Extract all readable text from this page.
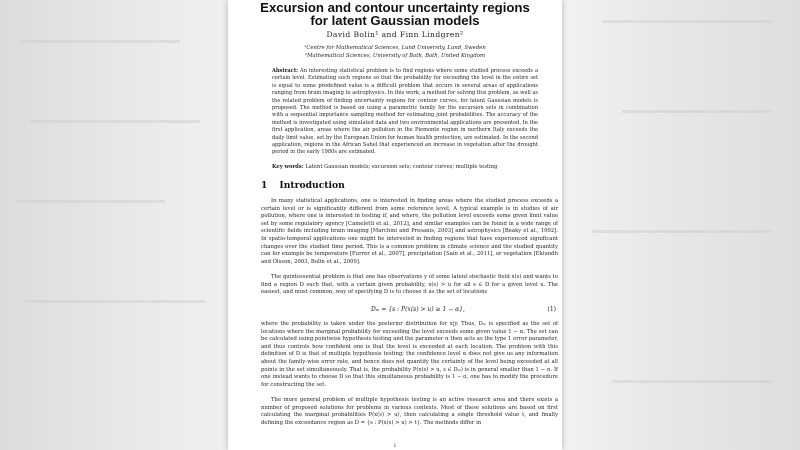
Excursion and contour uncertainty regions
for latent Gaussian models
David Bolin¹ and Finn Lindgren²
¹Centre for Mathematical Sciences, Lund University, Lund, Sweden
²Mathematical Sciences, University of Bath, Bath, United Kingdom
Abstract: An interesting statistical problem is to find regions where some studied process exceeds a certain level. Estimating such regions so that the probability for exceeding the level in the entire set is equal to some predefined value is a difficult problem that occurs in several areas of applications ranging from brain imaging to astrophysics. In this work, a method for solving this problem, as well as the related problem of finding uncertainty regions for contour curves, for latent Gaussian models is proposed. The method is based on using a parametric family for the excursion sets in combination with a sequential importance sampling method for estimating joint probabilities. The accuracy of the method is investigated using simulated data and two environmental applications are presented. In the first application, areas where the air pollution in the Piemonte region in northern Italy exceeds the daily limit value, set by the European Union for human health protection, are estimated. In the second application, regions in the African Sahel that experienced an increase in vegetation after the drought period in the early 1980s are estimated.
Key words: Latent Gaussian models; excursion sets; contour curves; multiple testing
1 Introduction
In many statistical applications, one is interested in finding areas where the studied process exceeds a certain level or is significantly different from some reference level. A typical example is in studies of air pollution, where one is interested in testing if, and where, the pollution level exceeds some given limit value set by some regulatory agency [Cameletti et al., 2012], and similar examples can be found in a wide range of scientific fields including brain imaging [Marchini and Presanis, 2003] and astrophysics [Beaky et al., 1992]. In spatio-temporal applications one might be interested in finding regions that have experienced significant changes over the studied time period. This is a common problem in climate science and the studied quantity can for example be temperature [Furrer et al., 2007], precipitation [Sain et al., 2011], or vegetation [Eklundh and Olsson, 2003, Bolin et al., 2009].
The quintessential problem is that one has observations y of some latent stochastic field x(s) and wants to find a region D such that, with a certain given probability, x(s) > u for all s ∈ D for a given level u. The easiest, and most common, way of specifying D is to choose it as the set of locations
Dₘ = {s : P(x(s) > u) ≥ 1 − α},	(1)
where the probability is taken under the posterior distribution for x|y. Thus, Dₘ is specified as the set of locations where the marginal probability for exceeding the level exceeds some given value 1 − α. The set can be calculated using pointwise hypothesis testing and the parameter α then acts as the type 1 error parameter, and thus controls how confident one is that the level is exceeded at each location. The problem with this definition of D is that of multiple hypothesis testing; the confidence level α does not give us any information about the family-wise error rate, and hence does not quantify the certainty of the level being exceeded at all points in the set simultaneously. That is, the probability P(x(s) > u, s ∈ Dₘ) is in general smaller than 1 − α. If one instead wants to choose D so that this simultaneous probability is 1 − α, one has to modify the procedure for constructing the set.
The more general problem of multiple hypothesis testing is an active research area and there exists a number of proposed solutions for problems in various contexts. Most of these solutions are based on first calculating the marginal probabilities P(x(s) > u), then calculating a single threshold value t, and finally defining the exceedance region as D = {s : P(x(s) > u) > t}. The methods differ in
1
